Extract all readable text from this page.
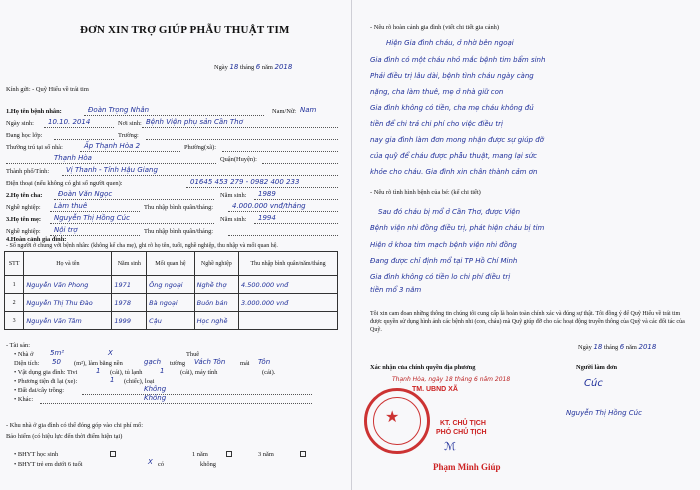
ĐƠN XIN TRỢ GIÚP PHẪU THUẬT TIM
Ngày 18 tháng 6 năm 2018
Kính gửi: - Quỹ Hiểu về trái tim
1.Họ tên bệnh nhân:	Đoàn Trọng Nhân	Nam/Nữ: Nam
Ngày sinh: 10.10. 2014	Nơi sinh: Bệnh Viện phụ sản Cần Thơ
Đang học lớp:	Trường:
Thường trú tại số nhà:	Ấp Thạnh Hòa 2	Phường(xã):
Thạnh Hòa	Quận(Huyện):
Thành phố/Tỉnh: Vị Thanh - Tỉnh Hậu Giang
Điện thoại (nếu không có ghi số người quen):	01645 453 279 - 0982 400 233
2.Họ tên cha: Đoàn Văn Ngọc	Năm sinh: 1989
Nghề nghiệp: Làm thuê	Thu nhập bình quân/tháng:	4.000.000 vnđ/tháng
3.Họ tên mẹ: Nguyễn Thị Hồng Cúc	Năm sinh: 1994
Nghề nghiệp: Nội trợ	Thu nhập bình quân/tháng:
4.Hoàn cảnh gia đình:
- Số người ở chung với bệnh nhân: (không kể cha mẹ), ghi rõ họ tên, tuổi, nghề nghiệp, thu nhập và mối quan hệ.
STT	Họ và tên	Năm sinh	Mối quan hệ	Nghề nghiệp	Thu nhập bình quân/năm/tháng
1	Nguyễn Văn Phong	1971	Ông ngoại	Nghề thợ	4.500.000 vnđ
2	Nguyễn Thị Thu Đào	1978	Bà ngoại	Buôn bán	3.000.000 vnđ
3	Nguyễn Văn Tâm	1999	Cậu	Học nghề	
- Tài sản:
• Nhà ở 5m²	X	Thuê
Diện tích: 50 (m²), làm bằng nền	gạch tường Vách Tôn mái Tôn
• Vật dụng gia đình: Tivi	1 (cái), tủ lạnh	1 (cái), máy tính	(cái).
• Phương tiện đi lại (xe):	1 (chiếc), loại
• Đất đai/cây trồng:	Không
• Khác:	Không
- Khu nhà ở gia đình có thể đóng góp vào chi phí mổ:
Bảo hiểm (có hiệu lực đến thời điểm hiện tại)
• BHYT học sinh	1 năm	3 năm
• BHYT trẻ em dưới 6 tuổi	X có	không
- Nêu rõ hoàn cảnh gia đình (viết chi tiết gia cảnh)
Hiện Gia đình cháu, ở nhờ bên ngoại
Gia đình có một cháu nhỏ mắc bệnh tim bẩm sinh
Phải điều trị lâu dài, bệnh tình cháu ngày càng
nặng, cha làm thuê, mẹ ở nhà giữ con
Gia đình không có tiền, cha mẹ cháu không đủ
tiền để chi trả chi phí cho việc điều trị
nay gia đình làm đơn mong nhận được sự giúp đỡ
của quỹ để cháu được phẫu thuật, mang lại sức
khỏe cho cháu. Gia đình xin chân thành cảm ơn
- Nêu rõ tình hình bệnh của bé: (kể chi tiết)
Sau đó cháu bị mổ ở Cần Thơ, được Viện
Bệnh viện nhi đồng điều trị, phát hiện cháu bị tim
Hiện ở khoa tim mạch bệnh viện nhi đồng
Đang được chỉ định mổ tại TP Hồ Chí Minh
Gia đình không có tiền lo chi phí điều trị
tiền mổ 3 năm
Tôi xin cam đoan những thông tin chúng tôi cung cấp là hoàn toàn chính xác và đúng sự thật. Tôi đồng ý để Quỹ Hiểu về trái tim được quyền sử dụng hình ảnh các bệnh nhi (con, cháu) mà Quỹ giúp đỡ cho các hoạt động truyền thông của Quỹ và các đối tác của Quỹ.
Ngày 18 tháng 6 năm 2018
Xác nhận của chính quyền địa phương	Người làm đơn
Thạnh Hòa, ngày 18 tháng 6 năm 2018
TM. UBND XÃ
Cúc
Nguyễn Thị Hồng Cúc
★	KT. CHỦ TỊCH
PHÓ CHỦ TỊCH
ℳ
Phạm Minh Giúp
